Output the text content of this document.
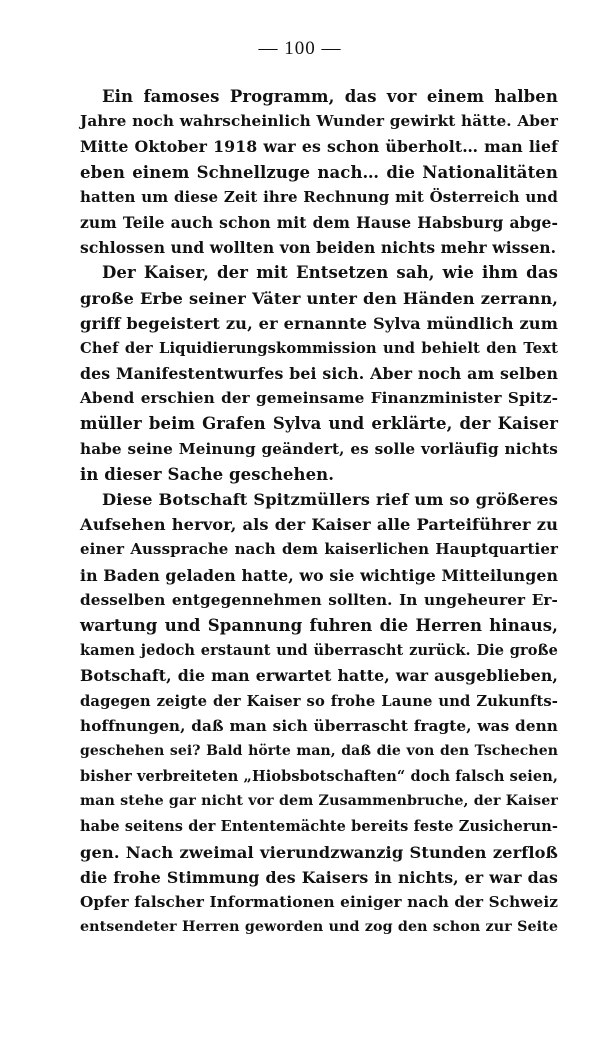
— 100 —
Ein famoses Programm, das vor einem halben
Jahre noch wahrscheinlich Wunder gewirkt hätte. Aber
Mitte Oktober 1918 war es schon überholt… man lief
eben einem Schnellzuge nach… die Nationalitäten
hatten um diese Zeit ihre Rechnung mit Österreich und
zum Teile auch schon mit dem Hause Habsburg abge-
schlossen und wollten von beiden nichts mehr wissen.
Der Kaiser, der mit Entsetzen sah, wie ihm das
große Erbe seiner Väter unter den Händen zerrann,
griff begeistert zu, er ernannte Sylva mündlich zum
Chef der Liquidierungskommission und behielt den Text
des Manifestentwurfes bei sich. Aber noch am selben
Abend erschien der gemeinsame Finanzminister Spitz-
müller beim Grafen Sylva und erklärte, der Kaiser
habe seine Meinung geändert, es solle vorläufig nichts
in dieser Sache geschehen.
Diese Botschaft Spitzmüllers rief um so größeres
Aufsehen hervor, als der Kaiser alle Parteiführer zu
einer Aussprache nach dem kaiserlichen Hauptquartier
in Baden geladen hatte, wo sie wichtige Mitteilungen
desselben entgegennehmen sollten. In ungeheurer Er-
wartung und Spannung fuhren die Herren hinaus,
kamen jedoch erstaunt und überrascht zurück. Die große
Botschaft, die man erwartet hatte, war ausgeblieben,
dagegen zeigte der Kaiser so frohe Laune und Zukunfts-
hoffnungen, daß man sich überrascht fragte, was denn
geschehen sei? Bald hörte man, daß die von den Tschechen
bisher verbreiteten „Hiobsbotschaften“ doch falsch seien,
man stehe gar nicht vor dem Zusammenbruche, der Kaiser
habe seitens der Ententemächte bereits feste Zusicherun-
gen. Nach zweimal vierundzwanzig Stunden zerfloß
die frohe Stimmung des Kaisers in nichts, er war das
Opfer falscher Informationen einiger nach der Schweiz
entsendeter Herren geworden und zog den schon zur Seite
